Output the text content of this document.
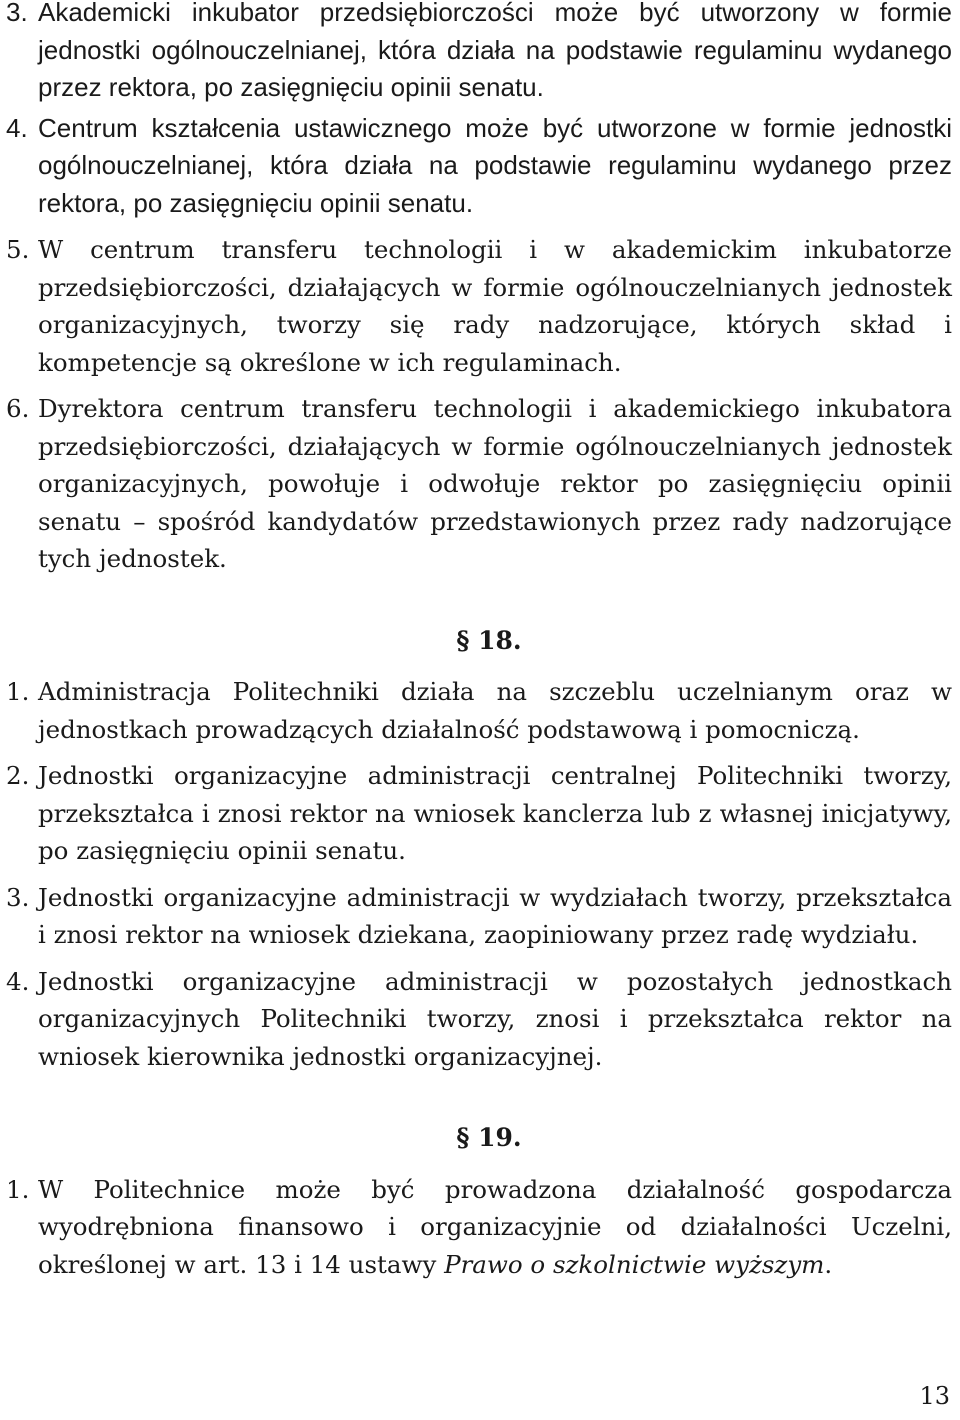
3. Akademicki inkubator przedsiębiorczości może być utworzony w formie jednostki ogólnouczelnianej, która działa na podstawie regulaminu wydanego przez rektora, po zasięgnięciu opinii senatu.

4. Centrum kształcenia ustawicznego może być utworzone w formie jednostki ogólnouczelnianej, która działa na podstawie regulaminu wydanego przez rektora, po zasięgnięciu opinii senatu.

5. W centrum transferu technologii i w akademickim inkubatorze przedsiębiorczości, działających w formie ogólnouczelnianych jednostek organizacyjnych, tworzy się rady nadzorujące, których skład i kompetencje są określone w ich regulaminach.

6. Dyrektora centrum transferu technologii i akademickiego inkubatora przedsiębiorczości, działających w formie ogólnouczelnianych jednostek organizacyjnych, powołuje i odwołuje rektor po zasięgnięciu opinii senatu – spośród kandydatów przedstawionych przez rady nadzorujące tych jednostek.

§ 18.

1. Administracja Politechniki działa na szczeblu uczelnianym oraz w jednostkach prowadzących działalność podstawową i pomocniczą.

2. Jednostki organizacyjne administracji centralnej Politechniki tworzy, przekształca i znosi rektor na wniosek kanclerza lub z własnej inicjatywy, po zasięgnięciu opinii senatu.

3. Jednostki organizacyjne administracji w wydziałach tworzy, przekształca i znosi rektor na wniosek dziekana, zaopiniowany przez radę wydziału.

4. Jednostki organizacyjne administracji w pozostałych jednostkach organizacyjnych Politechniki tworzy, znosi i przekształca rektor na wniosek kierownika jednostki organizacyjnej.

§ 19.

1. W Politechnice może być prowadzona działalność gospodarcza wyodrębniona finansowo i organizacyjnie od działalności Uczelni, określonej w art. 13 i 14 ustawy Prawo o szkolnictwie wyższym.

13
